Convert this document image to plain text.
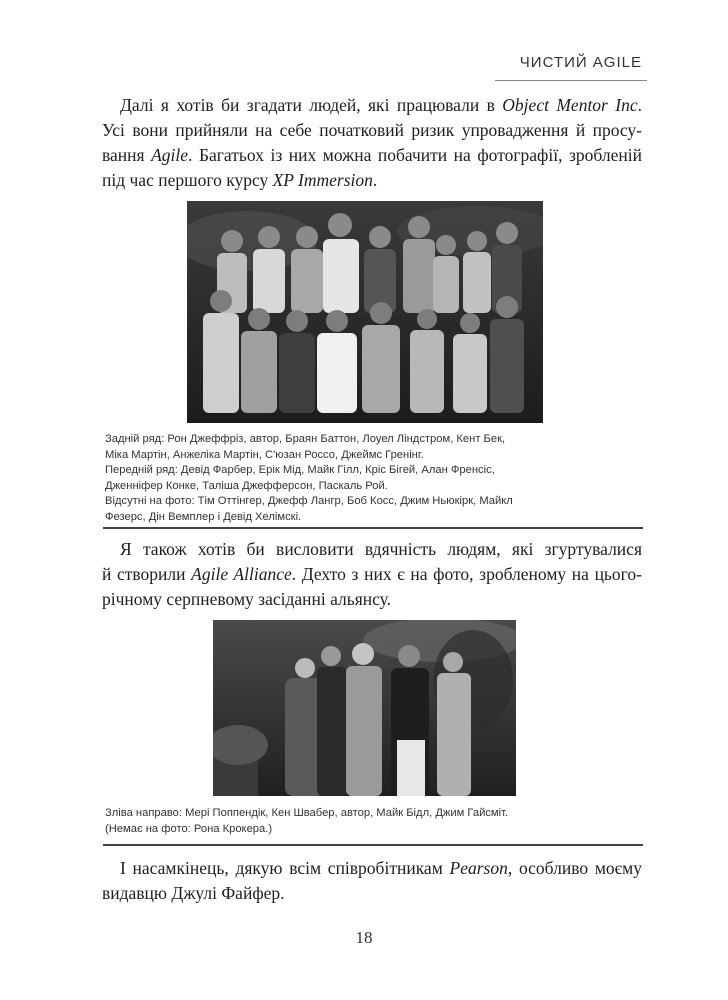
ЧИСТИЙ AGILE
Далі я хотів би згадати людей, які працювали в Object Mentor Inc.
Усі вони прийняли на себе початковий ризик упровадження й просу-
вання Agile. Багатьох із них можна побачити на фотографії, зробленій
під час першого курсу XP Immersion.
Задній ряд: Рон Джеффріз, автор, Браян Баттон, Лоуел Ліндстром, Кент Бек,
Міка Мартін, Анжеліка Мартін, С'юзан Россо, Джеймс Гренінг.
Передній ряд: Девід Фарбер, Ерік Мід, Майк Гілл, Кріс Бігей, Алан Френсіс,
Дженніфер Конке, Таліша Джефферсон, Паскаль Рой.
Відсутні на фото: Тім Оттінгер, Джефф Лангр, Боб Косс, Джим Ньюкірк, Майкл
Фезерс, Дін Вемплер і Девід Хелімскі.
Я також хотів би висловити вдячність людям, які згуртувалися
й створили Agile Alliance. Дехто з них є на фото, зробленому на цього-
річному серпневому засіданні альянсу.
Зліва направо: Мері Поппендік, Кен Швабер, автор, Майк Бідл, Джим Гайсміт.
(Немає на фото: Рона Крокера.)
І насамкінець, дякую всім співробітникам Pearson, особливо моєму
видавцю Джулі Файфер.
18
